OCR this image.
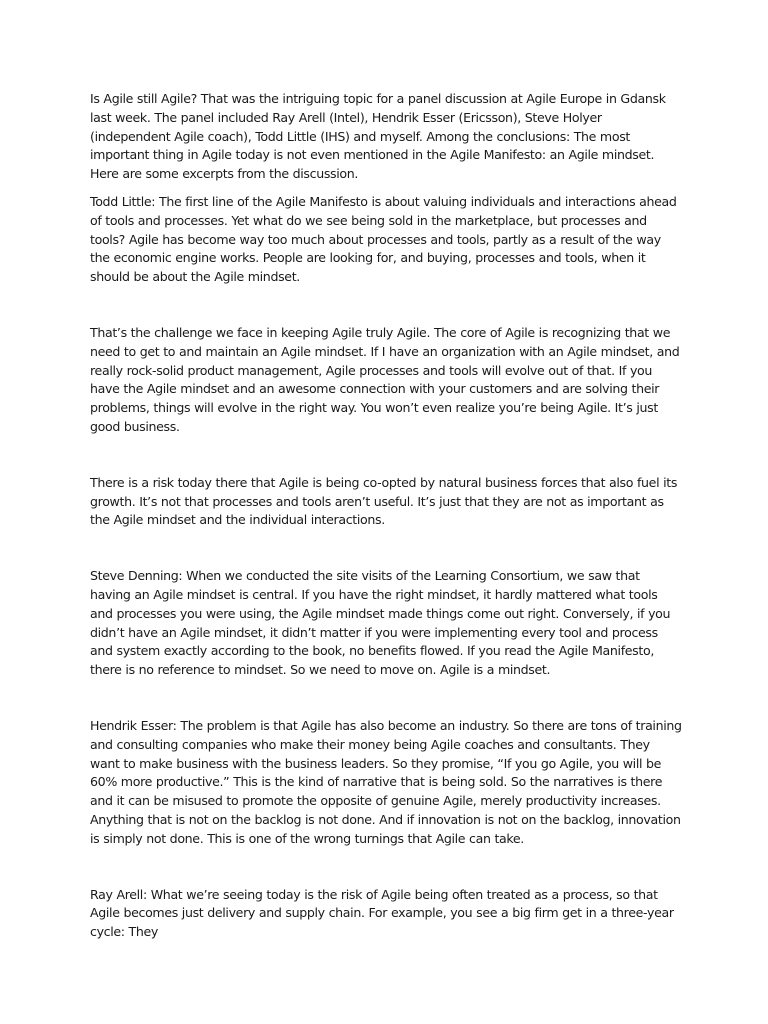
Is Agile still Agile? That was the intriguing topic for a panel discussion at Agile Europe in Gdansk last week. The panel included Ray Arell (Intel), Hendrik Esser (Ericsson), Steve Holyer (independent Agile coach), Todd Little (IHS) and myself. Among the conclusions: The most important thing in Agile today is not even mentioned in the Agile Manifesto: an Agile mindset. Here are some excerpts from the discussion.

Todd Little: The first line of the Agile Manifesto is about valuing individuals and interactions ahead of tools and processes. Yet what do we see being sold in the marketplace, but processes and tools? Agile has become way too much about processes and tools, partly as a result of the way the economic engine works. People are looking for, and buying, processes and tools, when it should be about the Agile mindset.

That’s the challenge we face in keeping Agile truly Agile. The core of Agile is recognizing that we need to get to and maintain an Agile mindset. If I have an organization with an Agile mindset, and really rock-solid product management, Agile processes and tools will evolve out of that. If you have the Agile mindset and an awesome connection with your customers and are solving their problems, things will evolve in the right way. You won’t even realize you’re being Agile. It’s just good business.

There is a risk today there that Agile is being co-opted by natural business forces that also fuel its growth. It’s not that processes and tools aren’t useful. It’s just that they are not as important as the Agile mindset and the individual interactions.

Steve Denning: When we conducted the site visits of the Learning Consortium, we saw that having an Agile mindset is central. If you have the right mindset, it hardly mattered what tools and processes you were using, the Agile mindset made things come out right. Conversely, if you didn’t have an Agile mindset, it didn’t matter if you were implementing every tool and process and system exactly according to the book, no benefits flowed. If you read the Agile Manifesto, there is no reference to mindset. So we need to move on. Agile is a mindset.

Hendrik Esser: The problem is that Agile has also become an industry. So there are tons of training and consulting companies who make their money being Agile coaches and consultants. They want to make business with the business leaders. So they promise, “If you go Agile, you will be 60% more productive.” This is the kind of narrative that is being sold. So the narratives is there and it can be misused to promote the opposite of genuine Agile, merely productivity increases. Anything that is not on the backlog is not done. And if innovation is not on the backlog, innovation is simply not done. This is one of the wrong turnings that Agile can take.

Ray Arell: What we’re seeing today is the risk of Agile being often treated as a process, so that Agile becomes just delivery and supply chain. For example, you see a big firm get in a three-year cycle: They
